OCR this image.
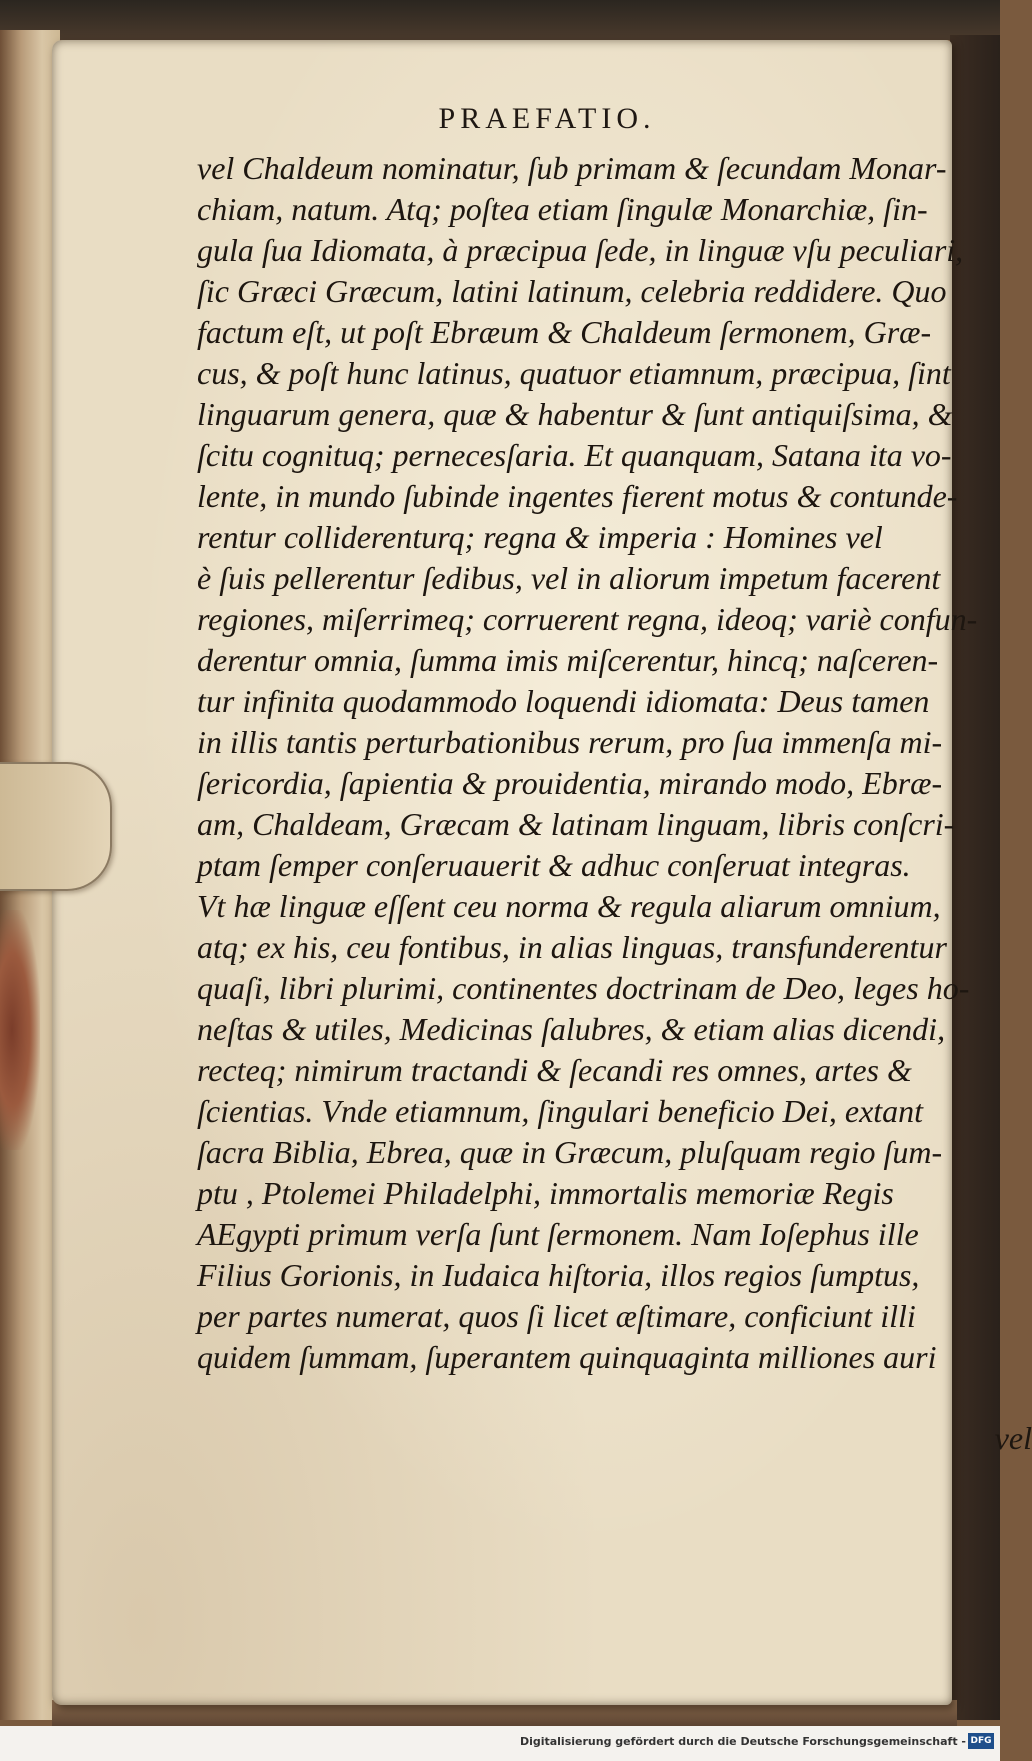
PRAEFATIO.
vel Chaldeum nominatur, ſub primam & ſecundam Monar-
chiam, natum. Atq; poſtea etiam ſingulæ Monarchiæ, ſin-
gula ſua Idiomata, à præcipua ſede, in linguæ vſu peculiari,
ſic Græci Græcum, latini latinum, celebria reddidere. Quo
factum eſt, ut poſt Ebræum & Chaldeum ſermonem, Græ-
cus, & poſt hunc latinus, quatuor etiamnum, præcipua, ſint
linguarum genera, quæ & habentur & ſunt antiquiſsima, &
ſcitu cognituq; pernecesſaria. Et quanquam, Satana ita vo-
lente, in mundo ſubinde ingentes fierent motus & contunde-
rentur colliderenturq; regna & imperia : Homines vel
è ſuis pellerentur ſedibus, vel in aliorum impetum facerent
regiones, miſerrimeq; corruerent regna, ideoq; variè confun-
derentur omnia, ſumma imis miſcerentur, hincq; naſceren-
tur infinita quodammodo loquendi idiomata: Deus tamen
in illis tantis perturbationibus rerum, pro ſua immenſa mi-
ſericordia, ſapientia & prouidentia, mirando modo, Ebræ-
am, Chaldeam, Græcam & latinam linguam, libris conſcri-
ptam ſemper conſeruauerit & adhuc conſeruat integras.
Vt hæ linguæ eſſent ceu norma & regula aliarum omnium,
atq; ex his, ceu fontibus, in alias linguas, transfunderentur
quaſi, libri plurimi, continentes doctrinam de Deo, leges ho-
neſtas & utiles, Medicinas ſalubres, & etiam alias dicendi,
recteq; nimirum tractandi & ſecandi res omnes, artes &
ſcientias. Vnde etiamnum, ſingulari beneficio Dei, extant
ſacra Biblia, Ebrea, quæ in Græcum, pluſquam regio ſum-
ptu , Ptolemei Philadelphi, immortalis memoriæ Regis
AEgypti primum verſa ſunt ſermonem. Nam Ioſephus ille
Filius Gorionis, in Iudaica hiſtoria, illos regios ſumptus,
per partes numerat, quos ſi licet æſtimare, conficiunt illi
quidem ſummam, ſuperantem quinquaginta milliones auri
vel
Digitalisierung gefördert durch die Deutsche Forschungsgemeinschaft - DFG
